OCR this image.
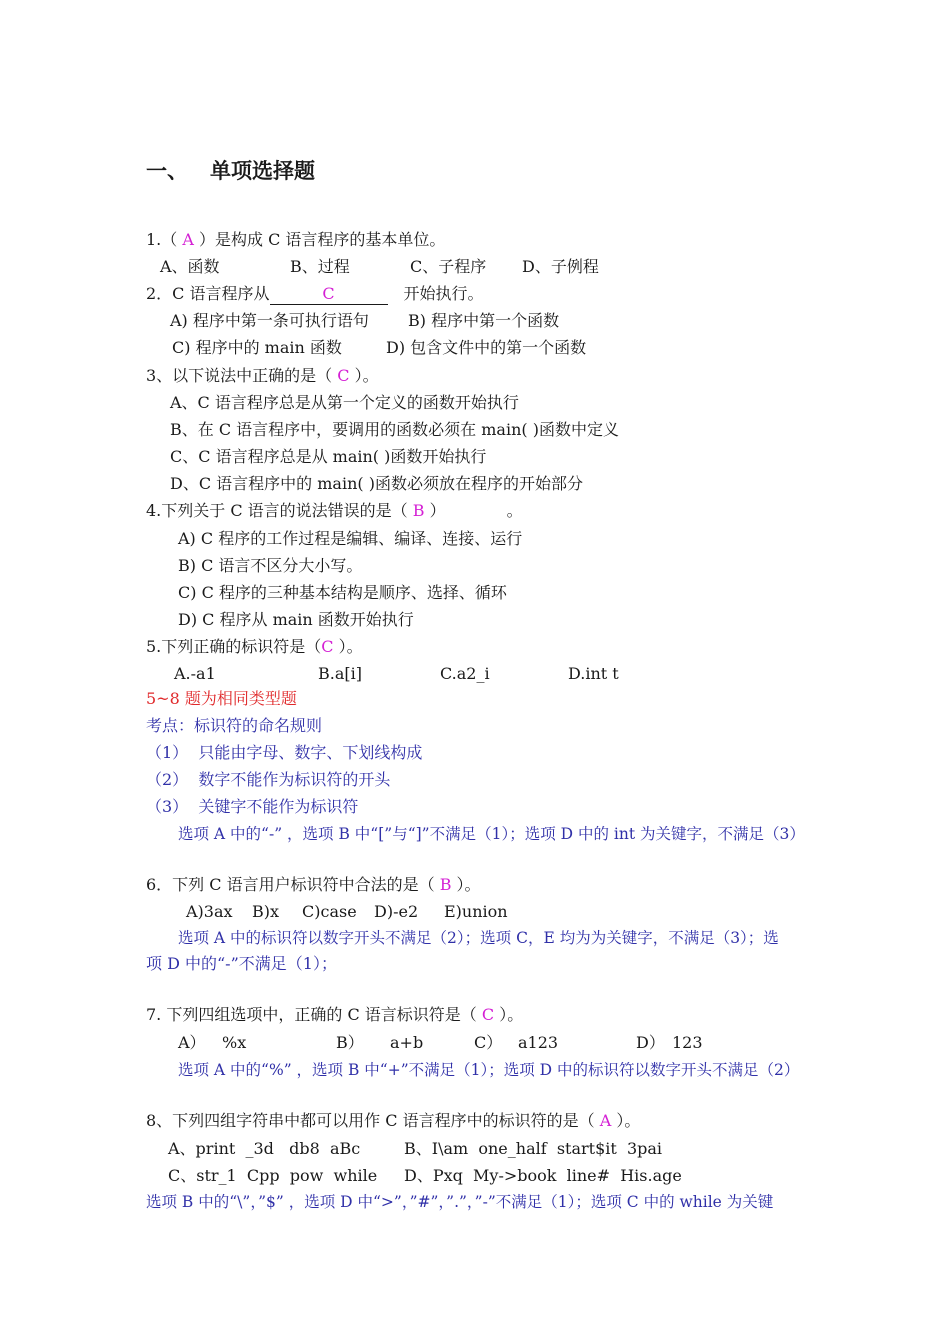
一、 单项选择题
1.（ A ）是构成 C 语言程序的基本单位。
A、函数	B、过程	C、子程序 D、子例程
2．C 语言程序从	C	开始执行。
A) 程序中第一条可执行语句 B) 程序中第一个函数
C) 程序中的 main 函数	D) 包含文件中的第一个函数
3、以下说法中正确的是（ C ）。
A、C 语言程序总是从第一个定义的函数开始执行
B、在 C 语言程序中，要调用的函数必须在 main( )函数中定义
C、C 语言程序总是从 main( )函数开始执行
D、C 语言程序中的 main( )函数必须放在程序的开始部分
4.下列关于 C 语言的说法错误的是（ B ）            。
A) C 程序的工作过程是编辑、编译、连接、运行
B) C 语言不区分大小写。
C) C 程序的三种基本结构是顺序、选择、循环
D) C 程序从 main 函数开始执行
5.下列正确的标识符是（C ）。
A.-a1	B.a[i]	C.a2_i	D.int t
5~8 题为相同类型题
考点：标识符的命名规则
（1）  只能由字母、数字、下划线构成
（2）  数字不能作为标识符的开头
（3）  关键字不能作为标识符
选项 A 中的“-” ，选项 B 中“[”与“]”不满足（1）；选项 D 中的 int 为关键字，不满足（3）
6．下列 C 语言用户标识符中合法的是（ B ）。
A)3ax B)x C)case D)-e2 E)union
选项 A 中的标识符以数字开头不满足（2）；选项 C，E 均为为关键字，不满足（3）；选
项 D 中的“-”不满足（1）；
7. 下列四组选项中，正确的 C 语言标识符是（ C ）。
A） %x	B） a+b	C） a123	D） 123
选项 A 中的“%” ，选项 B 中“+”不满足（1）；选项 D 中的标识符以数字开头不满足（2）
8、下列四组字符串中都可以用作 C 语言程序中的标识符的是（ A ）。
A、print  _3d   db8  aBc	B、I\am  one_half  start$it  3pai
C、str_1  Cpp  pow  while D、Pxq  My->book  line#  His.age
选项 B 中的“\”，”$” ，选项 D 中“>”，”#”，”.”，”-”不满足（1）；选项 C 中的 while 为关键
